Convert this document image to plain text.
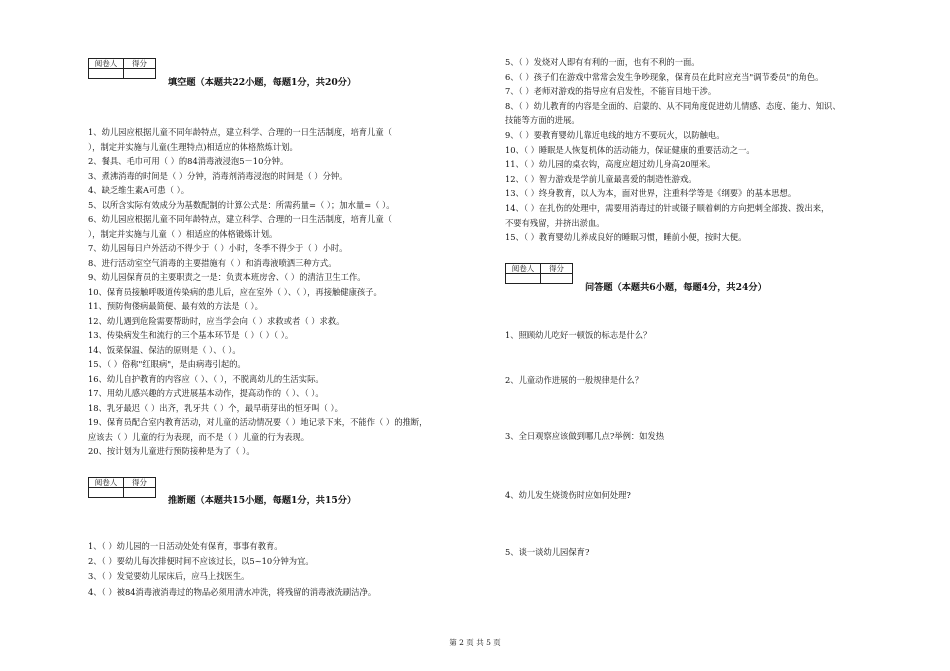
阅卷人	得分

填空题（本题共22小题，每题1分，共20分）
1、幼儿园应根据儿童不同年龄特点，建立科学、合理的一日生活制度，培育儿童（
），制定并实施与儿童(生理特点)相适应的体格熬炼计划。
2、餐具、毛巾可用（ ）的84消毒液浸泡5－10分钟。
3、煮沸消毒的时间是（ ）分钟，消毒剂消毒浸泡的时间是（ ）分钟。
4、缺乏维生素A可患（ ）。
5、以所含实际有效成分为基数配制的计算公式是：所需药量=（ ）；加水量=（ ）。
6、幼儿园应根据儿童不同年龄特点，建立科学、合理的一日生活制度，培育儿童（
），制定并实施与儿童（ ）相适应的体格锻炼计划。
7、幼儿园每日户外活动不得少于（ ）小时，冬季不得少于（ ）小时。
8、进行活动室空气消毒的主要措施有（ ）和消毒液喷洒三种方式。
9、幼儿园保育员的主要职责之一是：负责本班房舍、（ ）的清洁卫生工作。
10、保育员接触呼吸道传染病的患儿后，应在室外（ ）、（ ），再接触健康孩子。
11、预防佝偻病最简便、最有效的方法是（ ）。
12、幼儿遇到危险需要帮助时，应当学会向（ ）求救或者（ ）求救。
13、传染病发生和流行的三个基本环节是（ ）（ ）（ ）。
14、饭菜保温、保洁的原则是（ ）、（ ）。
15、（ ）俗称"红眼病"，是由病毒引起的。
16、幼儿自护教育的内容应（ ）、（ ），不脱离幼儿的生活实际。
17、用幼儿感兴趣的方式进展基本动作，提高动作的（ ）、（ ）。
18、乳牙最迟（ ）出齐，乳牙共（ ）个，最早萌芽出的恒牙叫（ ）。
19、保育员配合室内教育活动，对儿童的活动情况要（ ）地记录下来，不能作（ ）的推断，
应该去（ ）儿童的行为表现，而不是（ ）儿童的行为表现。
20、按计划为儿童进行预防接种是为了（ ）。
阅卷人	得分

推断题（本题共15小题，每题1分，共15分）
1、（ ）幼儿园的一日活动处处有保育，事事有教育。
2、（ ）要幼儿每次排便时间不应该过长，以5~10分钟为宜。
3、（ ）发觉要幼儿尿床后，应马上找医生。
4、（ ）被84消毒液消毒过的物品必须用清水冲洗，将残留的消毒液洗刷洁净。
5、（ ）发烧对人即有有利的一面，也有不利的一面。
6、（ ）孩子们在游戏中常常会发生争吵现象，保育员在此时应充当"调节委员"的角色。
7、（ ）老师对游戏的指导应有启发性，不能盲目地干涉。
8、（ ）幼儿教育的内容是全面的、启蒙的、从不同角度促进幼儿情感、态度、能力、知识、
技能等方面的进展。
9、（ ）要教育婴幼儿靠近电线的地方不要玩火，以防触电。
10、（ ）睡眠是人恢复机体的活动能力，保证健康的重要活动之一。
11、（ ）幼儿园的桌衣钩，高度应超过幼儿身高20厘米。
12、（ ）智力游戏是学前儿童最喜爱的制造性游戏。
13、（ ）终身教育，以人为本，面对世界，注重科学等是《纲要》的基本思想。
14、（ ）在扎伤的处理中，需要用消毒过的针或镊子顺着刺的方向把刺全部拨、拨出来，
不要有残留，并挤出淤血。
15、（ ）教育婴幼儿养成良好的睡眠习惯，睡前小便，按时大便。
阅卷人	得分

问答题（本题共6小题，每题4分，共24分）
1、照顾幼儿吃好一顿饭的标志是什么？
2、儿童动作进展的一般规律是什么？
3、全日观察应该做到哪几点?举例：如发热
4、幼儿发生烧烫伤时应如何处理?
5、谈一谈幼儿园保育?
第 2 页 共 5 页
